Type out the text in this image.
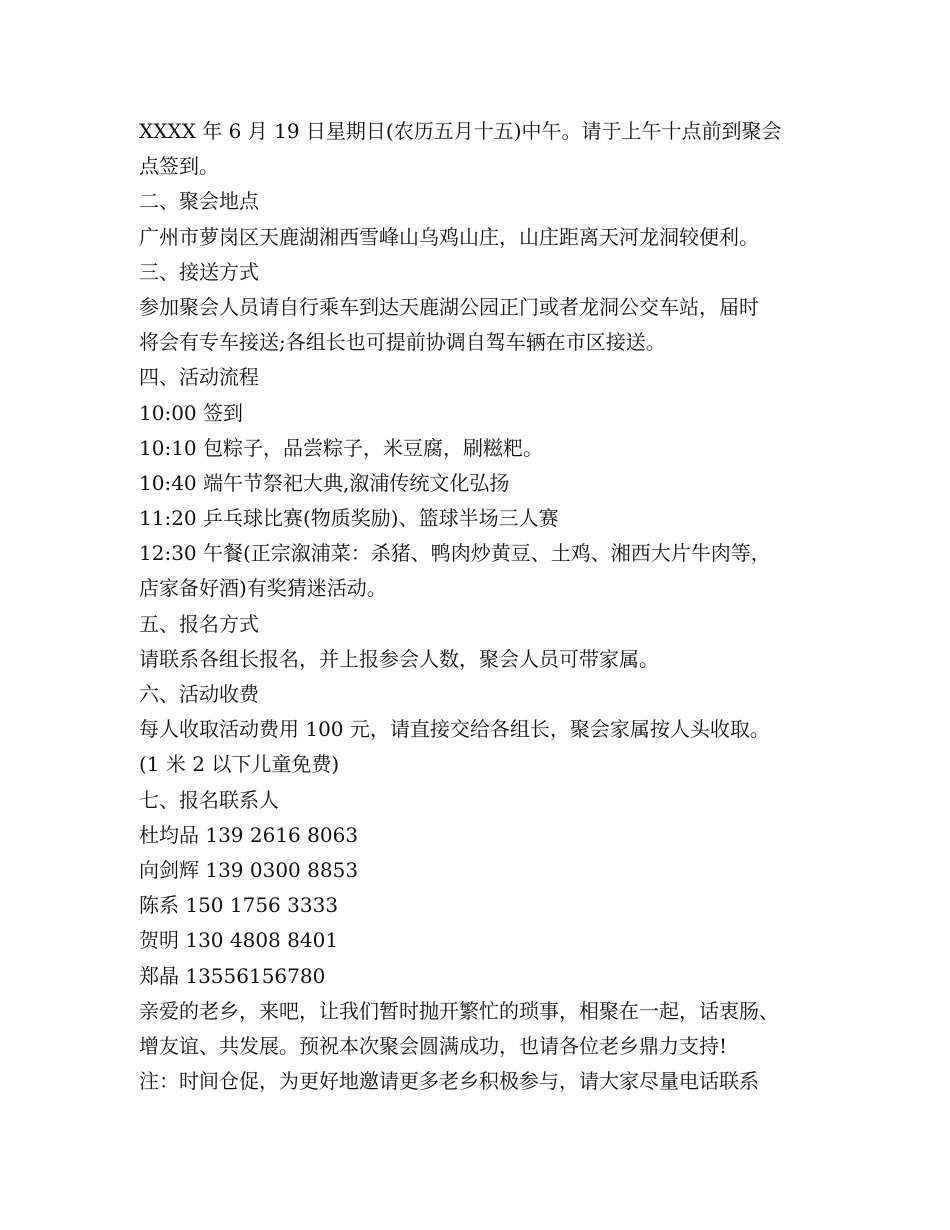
XXXX 年 6 月 19 日星期日(农历五月十五)中午。请于上午十点前到聚会
点签到。
二、聚会地点
广州市萝岗区天鹿湖湘西雪峰山乌鸡山庄，山庄距离天河龙洞较便利。
三、接送方式
参加聚会人员请自行乘车到达天鹿湖公园正门或者龙洞公交车站，届时
将会有专车接送;各组长也可提前协调自驾车辆在市区接送。
四、活动流程
10:00 签到
10:10 包粽子，品尝粽子，米豆腐，刷糍粑。
10:40 端午节祭祀大典,溆浦传统文化弘扬
11:20 乒乓球比赛(物质奖励)、篮球半场三人赛
12:30 午餐(正宗溆浦菜：杀猪、鸭肉炒黄豆、土鸡、湘西大片牛肉等，
店家备好酒)有奖猜迷活动。
五、报名方式
请联系各组长报名，并上报参会人数，聚会人员可带家属。
六、活动收费
每人收取活动费用 100 元，请直接交给各组长，聚会家属按人头收取。
(1 米 2 以下儿童免费)
七、报名联系人
杜均品 139 2616 8063
向剑辉 139 0300 8853
陈系 150 1756 3333
贺明 130 4808 8401
郑晶 13556156780
亲爱的老乡，来吧，让我们暂时抛开繁忙的琐事，相聚在一起，话衷肠、
增友谊、共发展。预祝本次聚会圆满成功，也请各位老乡鼎力支持!
注：时间仓促，为更好地邀请更多老乡积极参与，请大家尽量电话联系
